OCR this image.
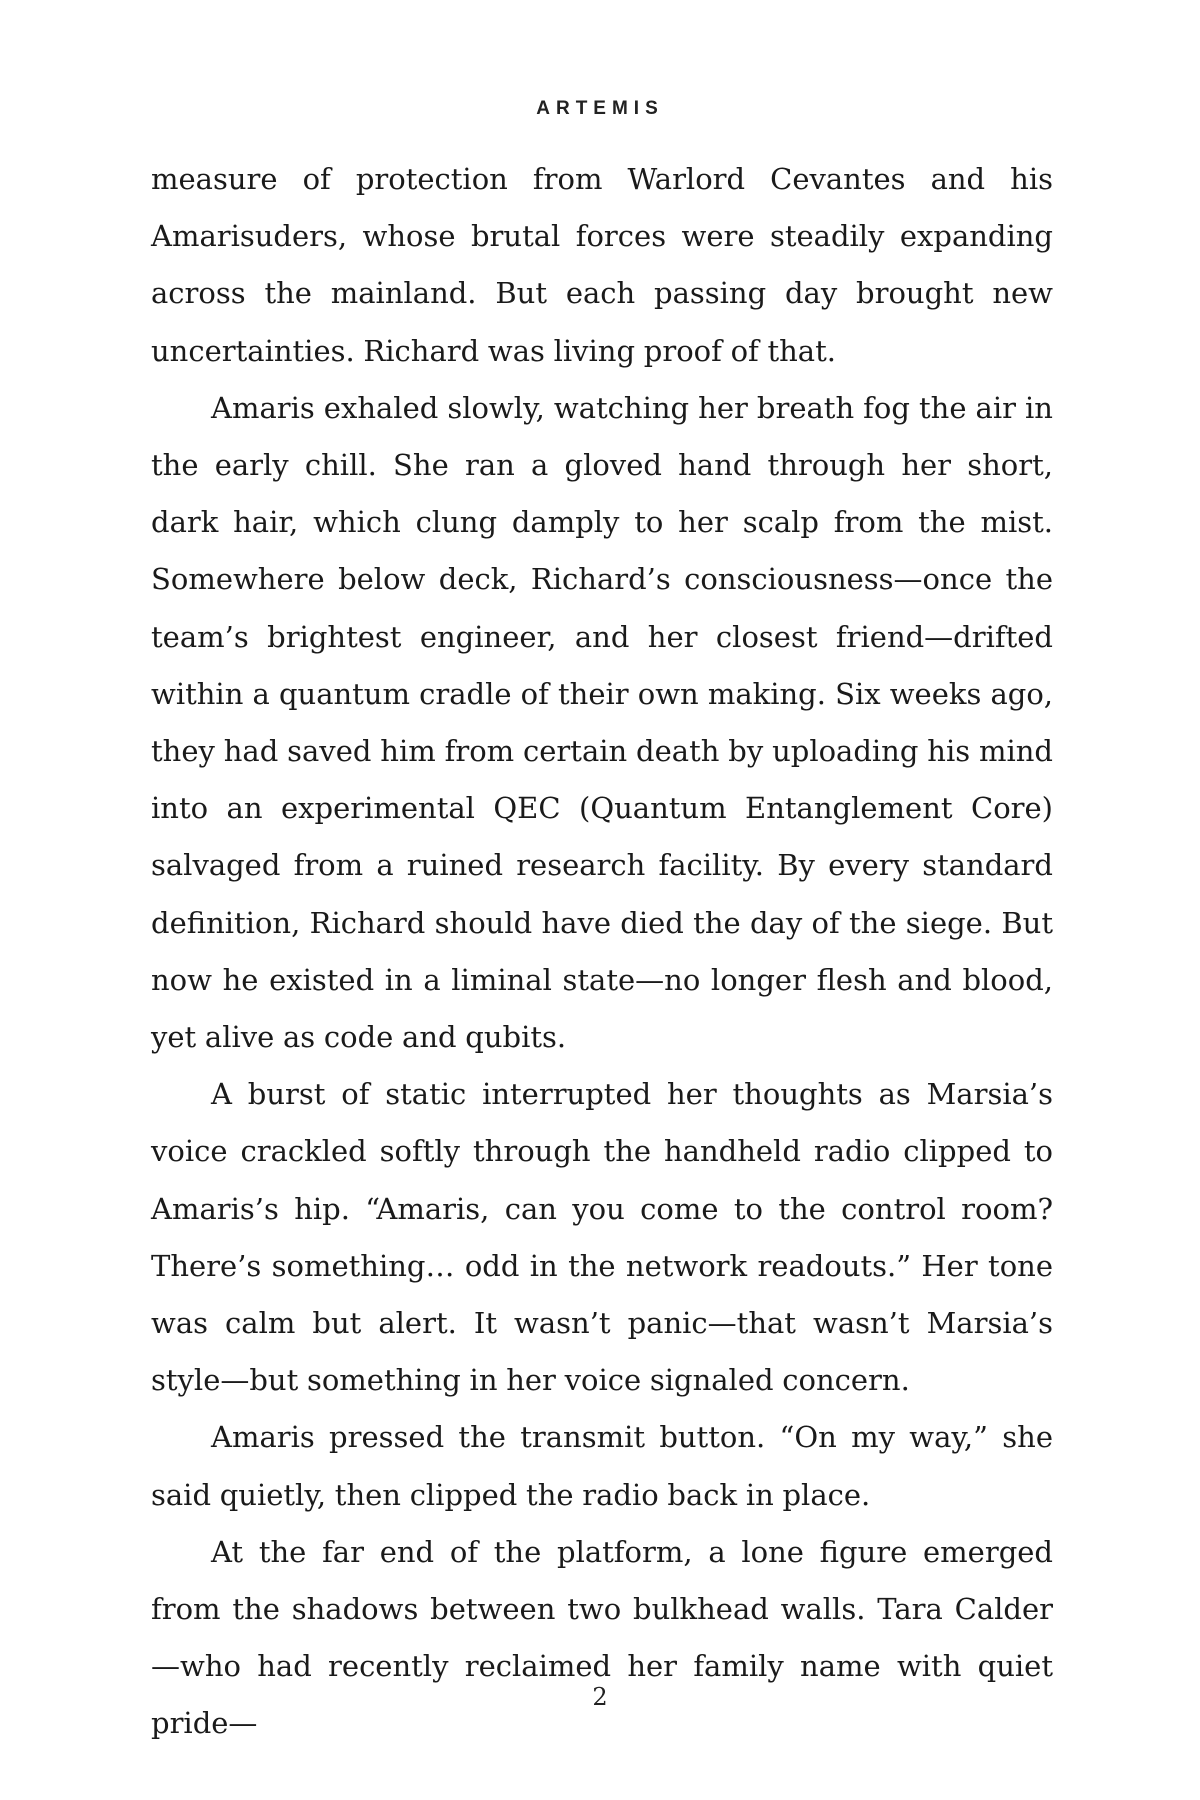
ARTEMIS

measure of protection from Warlord Cevantes and his Amarisuders, whose brutal forces were steadily expanding across the mainland. But each passing day brought new uncertainties. Richard was living proof of that.

Amaris exhaled slowly, watching her breath fog the air in the early chill. She ran a gloved hand through her short, dark hair, which clung damply to her scalp from the mist. Somewhere below deck, Richard’s consciousness—once the team’s brightest engineer, and her closest friend—drifted within a quantum cradle of their own making. Six weeks ago, they had saved him from certain death by uploading his mind into an experimental QEC (Quantum Entanglement Core) salvaged from a ruined research facility. By every standard definition, Richard should have died the day of the siege. But now he existed in a liminal state—no longer flesh and blood, yet alive as code and qubits.

A burst of static interrupted her thoughts as Marsia’s voice crackled softly through the handheld radio clipped to Amaris’s hip. “Amaris, can you come to the control room? There’s something… odd in the network readouts.” Her tone was calm but alert. It wasn’t panic—that wasn’t Marsia’s style—but something in her voice signaled concern.

Amaris pressed the transmit button. “On my way,” she said quietly, then clipped the radio back in place.

At the far end of the platform, a lone figure emerged from the shadows between two bulkhead walls. Tara Calder—who had recently reclaimed her family name with quiet pride—

2
